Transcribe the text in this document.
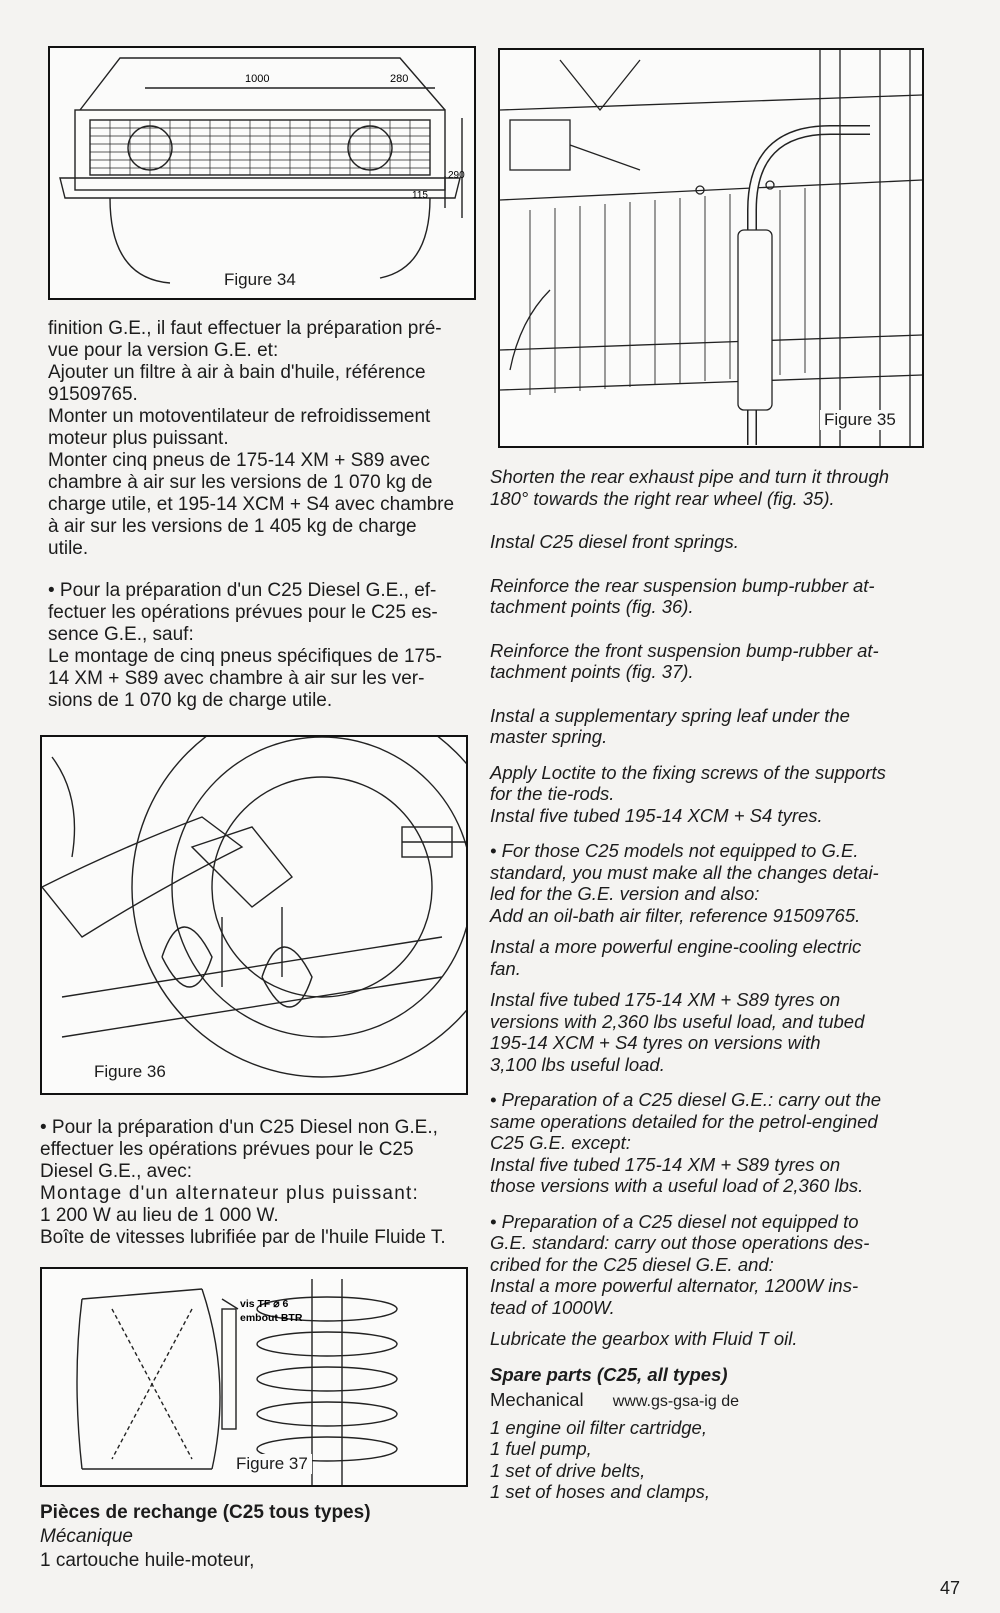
1000	280
290
115
Figure 34

finition G.E., il faut effectuer la préparation pré-

vue pour la version G.E. et:

Ajouter un filtre à air à bain d'huile, référence

91509765.

Monter un motoventilateur de refroidissement

moteur plus puissant.

Monter cinq pneus de 175-14 XM + S89 avec

chambre à air sur les versions de 1 070 kg de

charge utile, et 195-14 XCM + S4 avec chambre

à air sur les versions de 1 405 kg de charge

utile.

• Pour la préparation d'un C25 Diesel G.E., ef-

fectuer les opérations prévues pour le C25 es-

sence G.E., sauf:

Le montage de cinq pneus spécifiques de 175-

14 XM + S89 avec chambre à air sur les ver-

sions de 1 070 kg de charge utile.

Figure 36

• Pour la préparation d'un C25 Diesel non G.E.,

effectuer les opérations prévues pour le C25

Diesel G.E., avec:

Montage d'un alternateur plus puissant:

1 200 W au lieu de 1 000 W.

Boîte de vitesses lubrifiée par de l'huile Fluide T.

vis TF ⌀ 6
embout BTR
Figure 37

Pièces de rechange (C25 tous types)

Mécanique

1 cartouche huile-moteur,

Figure 35

Shorten the rear exhaust pipe and turn it through

180° towards the right rear wheel (fig. 35).

Instal C25 diesel front springs.

Reinforce the rear suspension bump-rubber at-

tachment points (fig. 36).

Reinforce the front suspension bump-rubber at-

tachment points (fig. 37).

Instal a supplementary spring leaf under the

master spring.

Apply Loctite to the fixing screws of the supports

for the tie-rods.

Instal five tubed 195-14 XCM + S4 tyres.

• For those C25 models not equipped to G.E.

standard, you must make all the changes detai-

led for the G.E. version and also:

Add an oil-bath air filter, reference 91509765.

Instal a more powerful engine-cooling electric

fan.

Instal five tubed 175-14 XM + S89 tyres on

versions with 2,360 lbs useful load, and tubed

195-14 XCM + S4 tyres on versions with

3,100 lbs useful load.

• Preparation of a C25 diesel G.E.: carry out the

same operations detailed for the petrol-engined

C25 G.E. except:

Instal five tubed 175-14 XM + S89 tyres on

those versions with a useful load of 2,360 lbs.

• Preparation of a C25 diesel not equipped to

G.E. standard: carry out those operations des-

cribed for the C25 diesel G.E. and:

Instal a more powerful alternator, 1200W ins-

tead of 1000W.

Lubricate the gearbox with Fluid T oil.

Spare parts (C25, all types)

Mechanical www.gs-gsa-ig de

1 engine oil filter cartridge,

1 fuel pump,

1 set of drive belts,

1 set of hoses and clamps,

47
